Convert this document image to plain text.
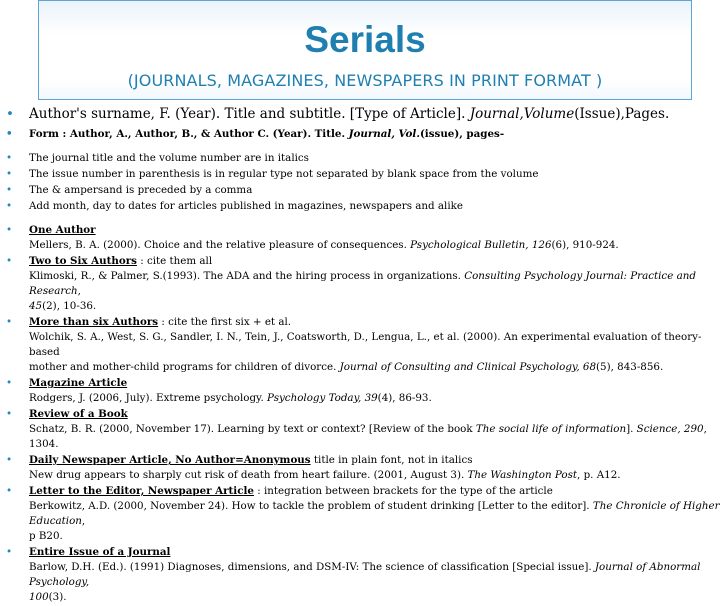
Serials
(JOURNALS, MAGAZINES, NEWSPAPERS IN PRINT FORMAT )
• Author's surname, F. (Year). Title and subtitle. [Type of Article]. Journal,Volume(Issue),Pages.
• Form : Author, A., Author, B., & Author C. (Year). Title. Journal, Vol.(issue), pages-
• The journal title and the volume number are in italics
• The issue number in parenthesis is in regular type not separated by blank space from the volume
• The & ampersand is preceded by a comma
• Add month, day to dates for articles published in magazines, newspapers and alike
• One Author
Mellers, B. A. (2000). Choice and the relative pleasure of consequences. Psychological Bulletin, 126(6), 910-924.
• Two to Six Authors : cite them all
Klimoski, R., & Palmer, S.(1993). The ADA and the hiring process in organizations. Consulting Psychology Journal: Practice and Research,
45(2), 10-36.
• More than six Authors : cite the first six + et al.
Wolchik, S. A., West, S. G., Sandler, I. N., Tein, J., Coatsworth, D., Lengua, L., et al. (2000). An experimental evaluation of theory-based
mother and mother-child programs for children of divorce. Journal of Consulting and Clinical Psychology, 68(5), 843-856.
• Magazine Article
Rodgers, J. (2006, July). Extreme psychology. Psychology Today, 39(4), 86-93.
• Review of a Book
Schatz, B. R. (2000, November 17). Learning by text or context? [Review of the book The social life of information]. Science, 290, 1304.
• Daily Newspaper Article, No Author=Anonymous title in plain font, not in italics
New drug appears to sharply cut risk of death from heart failure. (2001, August 3). The Washington Post, p. A12.
• Letter to the Editor, Newspaper Article : integration between brackets for the type of the article
Berkowitz, A.D. (2000, November 24). How to tackle the problem of student drinking [Letter to the editor]. The Chronicle of Higher Education,
p B20.
• Entire Issue of a Journal
Barlow, D.H. (Ed.). (1991) Diagnoses, dimensions, and DSM-IV: The science of classification [Special issue]. Journal of Abnormal Psychology,
100(3).
